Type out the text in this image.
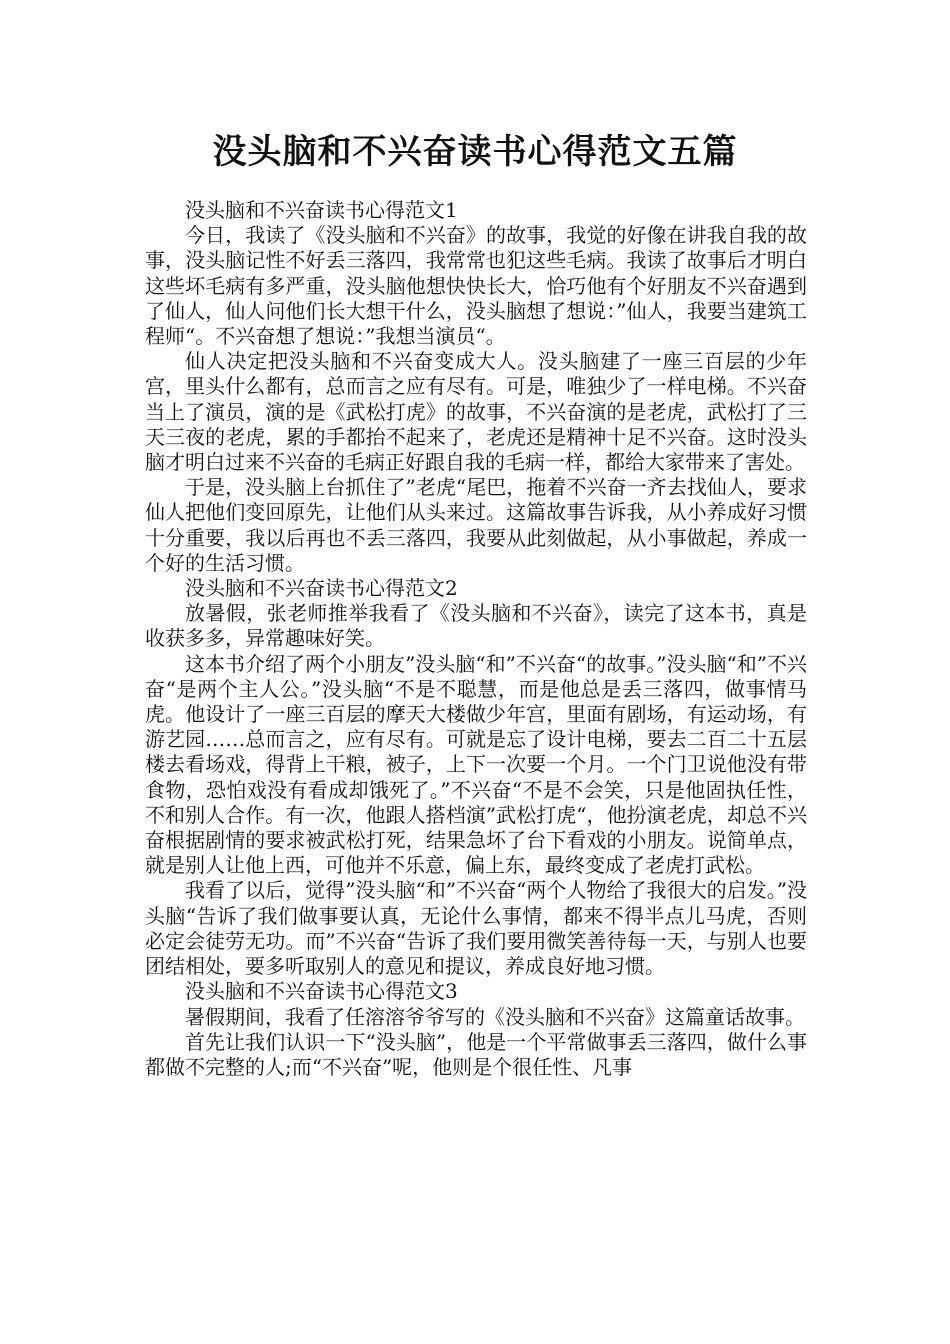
没头脑和不兴奋读书心得范文五篇

没头脑和不兴奋读书心得范文1

今日，我读了《没头脑和不兴奋》的故事，我觉的好像在讲我自我的故事，没头脑记性不好丢三落四，我常常也犯这些毛病。我读了故事后才明白这些坏毛病有多严重，没头脑他想快快长大，恰巧他有个好朋友不兴奋遇到了仙人，仙人问他们长大想干什么，没头脑想了想说：”仙人，我要当建筑工程师“。不兴奋想了想说：”我想当演员“。

仙人决定把没头脑和不兴奋变成大人。没头脑建了一座三百层的少年宫，里头什么都有，总而言之应有尽有。可是，唯独少了一样电梯。不兴奋当上了演员，演的是《武松打虎》的故事，不兴奋演的是老虎，武松打了三天三夜的老虎，累的手都抬不起来了，老虎还是精神十足不兴奋。这时没头脑才明白过来不兴奋的毛病正好跟自我的毛病一样，都给大家带来了害处。

于是，没头脑上台抓住了”老虎“尾巴，拖着不兴奋一齐去找仙人，要求仙人把他们变回原先，让他们从头来过。这篇故事告诉我，从小养成好习惯十分重要，我以后再也不丢三落四，我要从此刻做起，从小事做起，养成一个好的生活习惯。

没头脑和不兴奋读书心得范文2

放暑假，张老师推举我看了《没头脑和不兴奋》，读完了这本书，真是收获多多，异常趣味好笑。

这本书介绍了两个小朋友”没头脑“和”不兴奋“的故事。”没头脑“和”不兴奋“是两个主人公。”没头脑“不是不聪慧，而是他总是丢三落四，做事情马虎。他设计了一座三百层的摩天大楼做少年宫，里面有剧场，有运动场，有游艺园……总而言之，应有尽有。可就是忘了设计电梯，要去二百二十五层楼去看场戏，得背上干粮，被子，上下一次要一个月。一个门卫说他没有带食物，恐怕戏没有看成却饿死了。”不兴奋“不是不会笑，只是他固执任性，不和别人合作。有一次，他跟人搭档演”武松打虎“，他扮演老虎，却总不兴奋根据剧情的要求被武松打死，结果急坏了台下看戏的小朋友。说简单点，就是别人让他上西，可他并不乐意，偏上东，最终变成了老虎打武松。

我看了以后，觉得”没头脑“和”不兴奋“两个人物给了我很大的启发。”没头脑“告诉了我们做事要认真，无论什么事情，都来不得半点儿马虎，否则必定会徒劳无功。而”不兴奋“告诉了我们要用微笑善待每一天，与别人也要团结相处，要多听取别人的意见和提议，养成良好地习惯。

没头脑和不兴奋读书心得范文3

暑假期间，我看了任溶溶爷爷写的《没头脑和不兴奋》这篇童话故事。

首先让我们认识一下“没头脑”，他是一个平常做事丢三落四，做什么事都做不完整的人;而“不兴奋”呢，他则是个很任性、凡事
